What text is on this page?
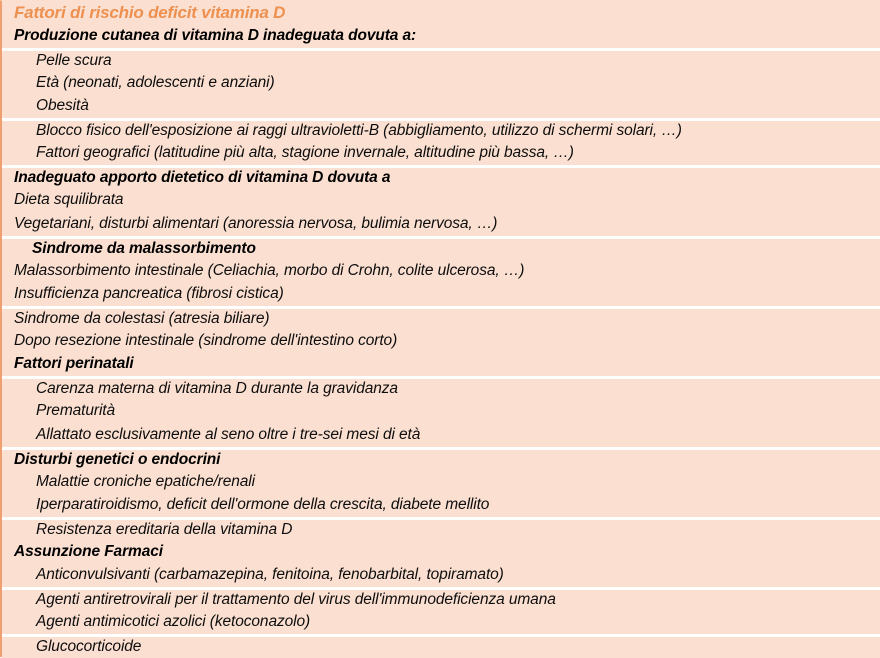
Fattori di rischio deficit vitamina D
Produzione cutanea di vitamina D inadeguata dovuta a:
Pelle scura
Età (neonati, adolescenti e anziani)
Obesità
Blocco fisico dell'esposizione ai raggi ultravioletti-B (abbigliamento, utilizzo di schermi solari, …)
Fattori geografici (latitudine più alta, stagione invernale, altitudine più bassa, …)
Inadeguato apporto dietetico di vitamina D dovuta a
Dieta squilibrata
Vegetariani, disturbi alimentari (anoressia nervosa, bulimia nervosa, …)
Sindrome da malassorbimento
Malassorbimento intestinale (Celiachia, morbo di Crohn, colite ulcerosa, …)
Insufficienza pancreatica (fibrosi cistica)
Sindrome da colestasi (atresia biliare)
Dopo resezione intestinale (sindrome dell'intestino corto)
Fattori perinatali
Carenza materna di vitamina D durante la gravidanza
Prematurità
Allattato esclusivamente al seno oltre i tre-sei mesi di età
Disturbi genetici o endocrini
Malattie croniche epatiche/renali
Iperparatiroidismo, deficit dell'ormone della crescita, diabete mellito
Resistenza ereditaria della vitamina D
Assunzione Farmaci
Anticonvulsivanti (carbamazepina, fenitoina, fenobarbital, topiramato)
Agenti antiretrovirali per il trattamento del virus dell'immunodeficienza umana
Agenti antimicotici azolici (ketoconazolo)
Glucocorticoide
